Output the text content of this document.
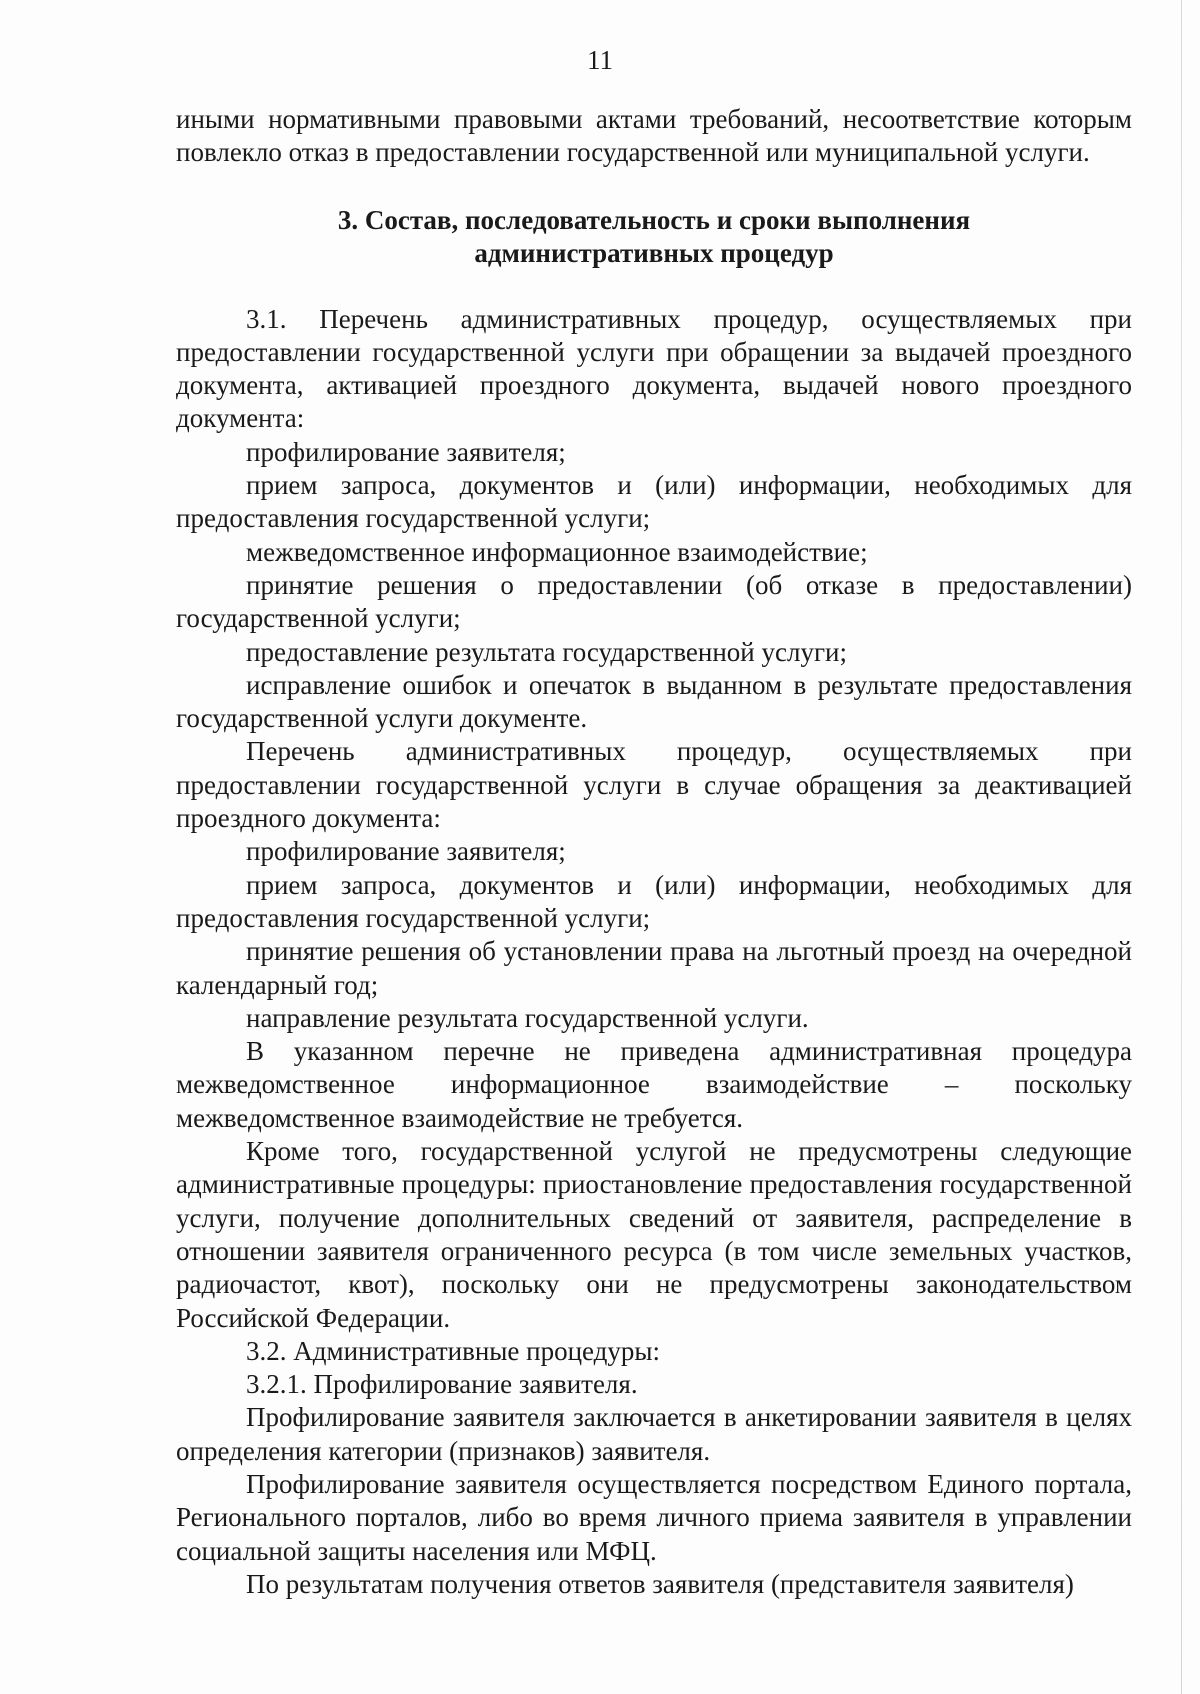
11

иными нормативными правовыми актами требований, несоответствие которым повлекло отказ в предоставлении государственной или муниципальной услуги.

3. Состав, последовательность и сроки выполнения
административных процедур

3.1. Перечень административных процедур, осуществляемых при предоставлении государственной услуги при обращении за выдачей проездного документа, активацией проездного документа, выдачей нового проездного документа:

профилирование заявителя;

прием запроса, документов и (или) информации, необходимых для предоставления государственной услуги;

межведомственное информационное взаимодействие;

принятие решения о предоставлении (об отказе в предоставлении) государственной услуги;

предоставление результата государственной услуги;

исправление ошибок и опечаток в выданном в результате предоставления государственной услуги документе.

Перечень административных процедур, осуществляемых при предоставлении государственной услуги в случае обращения за деактивацией проездного документа:

профилирование заявителя;

прием запроса, документов и (или) информации, необходимых для предоставления государственной услуги;

принятие решения об установлении права на льготный проезд на очередной календарный год;

направление результата государственной услуги.

В указанном перечне не приведена административная процедура межведомственное информационное взаимодействие – поскольку межведомственное взаимодействие не требуется.

Кроме того, государственной услугой не предусмотрены следующие административные процедуры: приостановление предоставления государственной услуги, получение дополнительных сведений от заявителя, распределение в отношении заявителя ограниченного ресурса (в том числе земельных участков, радиочастот, квот), поскольку они не предусмотрены законодательством Российской Федерации.

3.2. Административные процедуры:

3.2.1. Профилирование заявителя.

Профилирование заявителя заключается в анкетировании заявителя в целях определения категории (признаков) заявителя.

Профилирование заявителя осуществляется посредством Единого портала, Регионального порталов, либо во время личного приема заявителя в управлении социальной защиты населения или МФЦ.

По результатам получения ответов заявителя (представителя заявителя)
